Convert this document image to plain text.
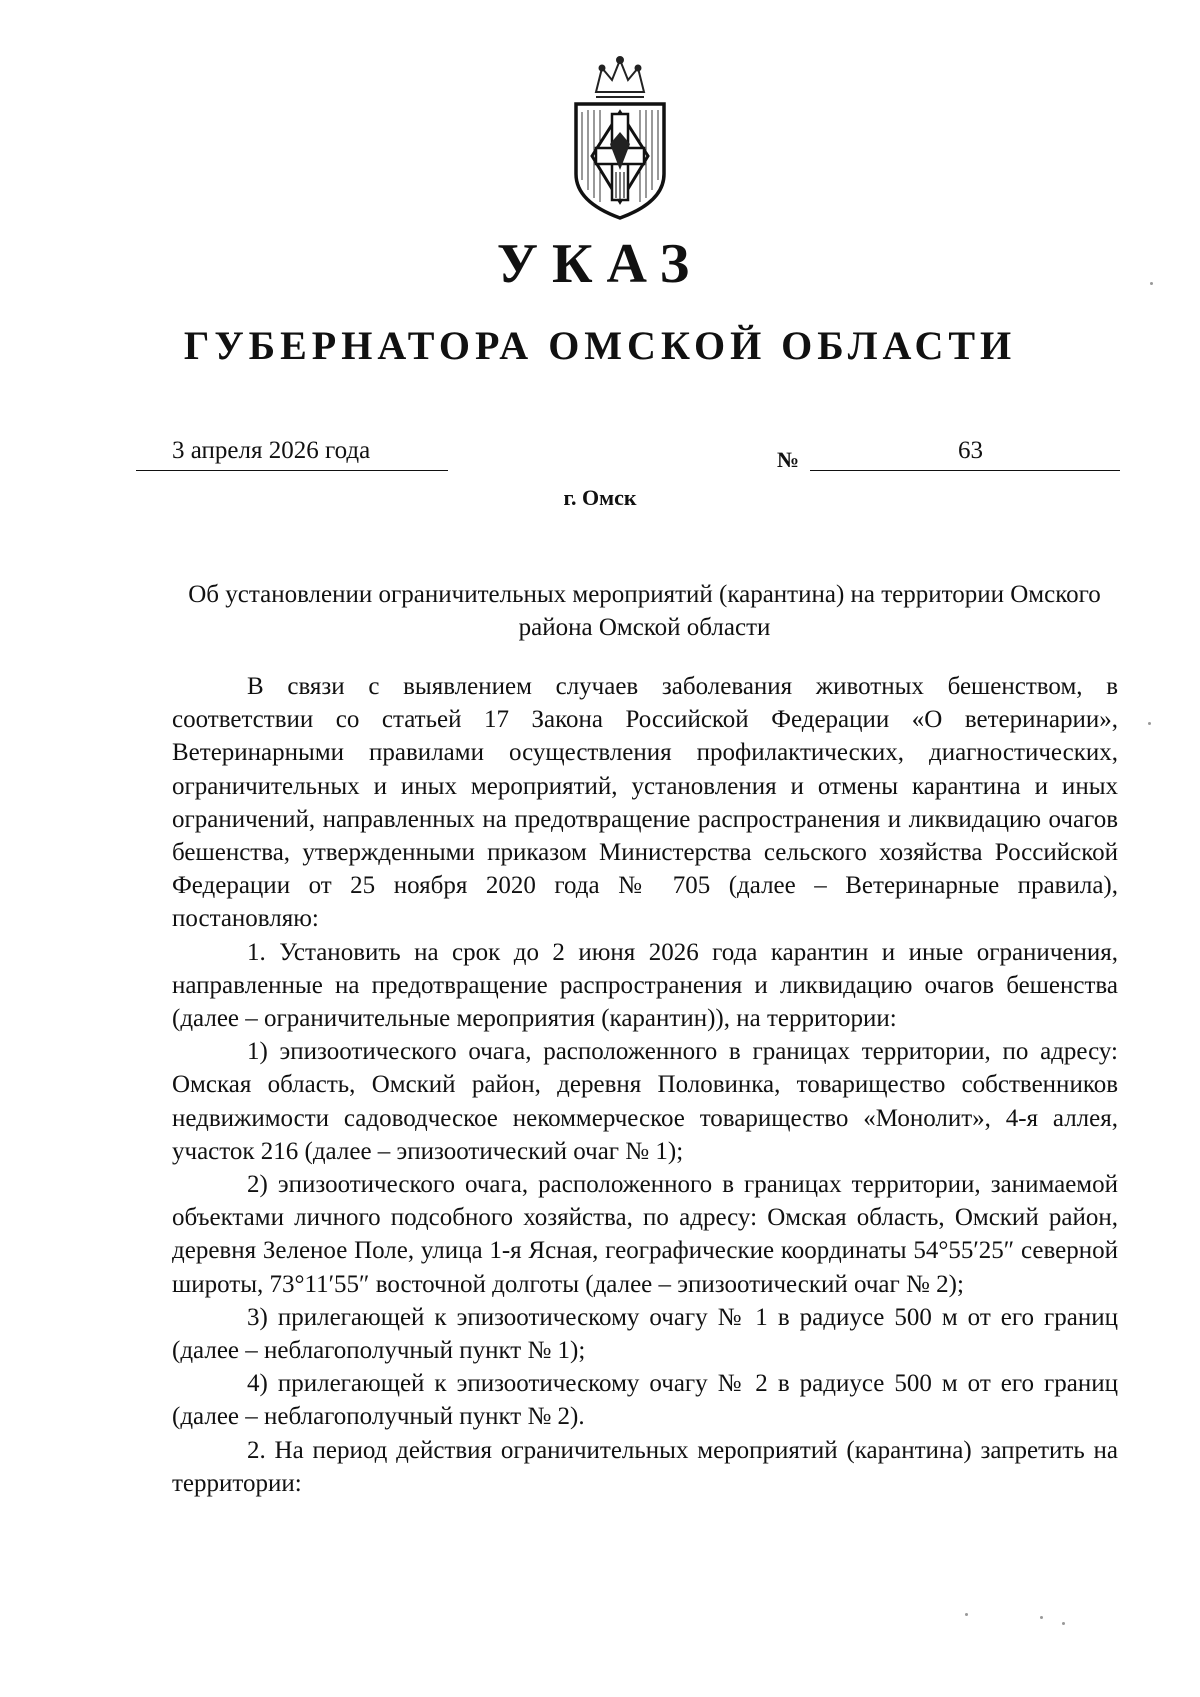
УКАЗ
ГУБЕРНАТОРА ОМСКОЙ ОБЛАСТИ
3 апреля 2026 года	№	63
г. Омск
Об установлении ограничительных мероприятий (карантина) на территории Омского района Омской области

В связи с выявлением случаев заболевания животных бешенством, в соответствии со статьей 17 Закона Российской Федерации «О ветеринарии», Ветеринарными правилами осуществления профилактических, диагностических, ограничительных и иных мероприятий, установления и отмены карантина и иных ограничений, направленных на предотвращение распространения и ликвидацию очагов бешенства, утвержденными приказом Министерства сельского хозяйства Российской Федерации от 25 ноября 2020 года № 705 (далее – Ветеринарные правила), постановляю:

1. Установить на срок до 2 июня 2026 года карантин и иные ограничения, направленные на предотвращение распространения и ликвидацию очагов бешенства (далее – ограничительные мероприятия (карантин)), на территории:

1) эпизоотического очага, расположенного в границах территории, по адресу: Омская область, Омский район, деревня Половинка, товарищество собственников недвижимости садоводческое некоммерческое товарищество «Монолит», 4-я аллея, участок 216 (далее – эпизоотический очаг № 1);

2) эпизоотического очага, расположенного в границах территории, занимаемой объектами личного подсобного хозяйства, по адресу: Омская область, Омский район, деревня Зеленое Поле, улица 1-я Ясная, географические координаты 54°55′25″ северной широты, 73°11′55″ восточной долготы (далее – эпизоотический очаг № 2);

3) прилегающей к эпизоотическому очагу № 1 в радиусе 500 м от его границ (далее – неблагополучный пункт № 1);

4) прилегающей к эпизоотическому очагу № 2 в радиусе 500 м от его границ (далее – неблагополучный пункт № 2).

2. На период действия ограничительных мероприятий (карантина) запретить на территории:
